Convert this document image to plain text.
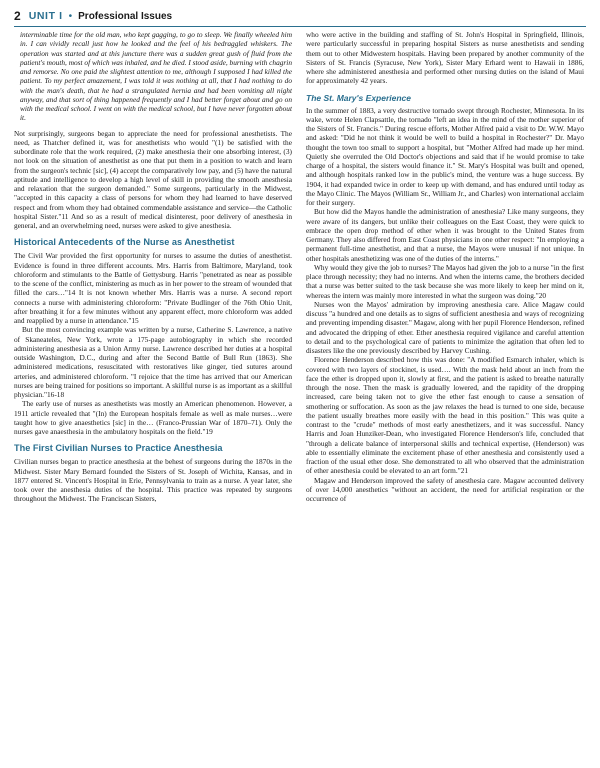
2 UNIT I • Professional Issues
interminable time for the old man, who kept gagging, to go to sleep. We finally wheeled him in. I can vividly recall just how he looked and the feel of his bedraggled whiskers. The operation was started and at this juncture there was a sudden great gush of fluid from the patient's mouth, most of which was inhaled, and he died. I stood aside, burning with chagrin and remorse. No one paid the slightest attention to me, although I supposed I had killed the patient. To my perfect amazement, I was told it was nothing at all, that I had nothing to do with the man's death, that he had a strangulated hernia and had been vomiting all night anyway, and that sort of thing happened frequently and I had better forget about and go on with the medical school. I went on with the medical school, but I have never forgotten about it.

Not surprisingly, surgeons began to appreciate the need for professional anesthetists. The need, as Thatcher defined it, was for anesthetists who would "(1) be satisfied with the subordinate role that the work required, (2) make anesthesia their one absorbing interest, (3) not look on the situation of anesthetist as one that put them in a position to watch and learn from the surgeon's technic [sic], (4) accept the comparatively low pay, and (5) have the natural aptitude and intelligence to develop a high level of skill in providing the smooth anesthesia and relaxation that the surgeon demanded." Some surgeons, particularly in the Midwest, "accepted in this capacity a class of persons for whom they had learned to have deserved respect and from whom they had obtained commendable assistance and service—the Catholic hospital Sister."11 And so as a result of medical disinterest, poor delivery of anesthesia in general, and an overwhelming need, nurses were asked to give anesthesia.

Historical Antecedents of the Nurse as Anesthetist

The Civil War provided the first opportunity for nurses to assume the duties of anesthetist. Evidence is found in three different accounts. Mrs. Harris from Baltimore, Maryland, took chloroform and stimulants to the Battle of Gettysburg. Harris "penetrated as near as possible to the scene of the conflict, ministering as much as in her power to the stream of wounded that filled the cars…"14 It is not known whether Mrs. Harris was a nurse. A second report connects a nurse with administering chloroform: "Private Budlinger of the 76th Ohio Unit, after breathing it for a few minutes without any apparent effect, more chloroform was added and reapplied by a nurse in attendance."15

But the most convincing example was written by a nurse, Catherine S. Lawrence, a native of Skaneateles, New York, wrote a 175-page autobiography in which she recorded administering anesthesia as a Union Army nurse. Lawrence described her duties at a hospital outside Washington, D.C., during and after the Second Battle of Bull Run (1863). She administered medications, resuscitated with restoratives like ginger, tied sutures around arteries, and administered chloroform. "I rejoice that the time has arrived that our American nurses are being trained for positions so important. A skillful nurse is as important as a skillful physician."16-18

The early use of nurses as anesthetists was mostly an American phenomenon. However, a 1911 article revealed that "(In) the European hospitals female as well as male nurses…were taught how to give anaesthetics [sic] in the… (Franco-Prussian War of 1870–71). Only the nurses gave anaesthesia in the ambulatory hospitals on the field."19

The First Civilian Nurses to Practice Anesthesia

Civilian nurses began to practice anesthesia at the behest of surgeons during the 1870s in the Midwest. Sister Mary Bernard founded the Sisters of St. Joseph of Wichita, Kansas, and in 1877 entered St. Vincent's Hospital in Erie, Pennsylvania to train as a nurse. A year later, she took over the anesthesia duties of the hospital. This practice was repeated by surgeons throughout the Midwest. The Franciscan Sisters,

who were active in the building and staffing of St. John's Hospital in Springfield, Illinois, were particularly successful in preparing hospital Sisters as nurse anesthetists and sending them out to other Midwestern hospitals. Having been prepared by another community of the Sisters of St. Francis (Syracuse, New York), Sister Mary Erhard went to Hawaii in 1886, where she administered anesthesia and performed other nursing duties on the island of Maui for approximately 42 years.

The St. Mary's Experience

In the summer of 1883, a very destructive tornado swept through Rochester, Minnesota. In its wake, wrote Helen Clapsattle, the tornado "left an idea in the mind of the mother superior of the Sisters of St. Francis." During rescue efforts, Mother Alfred paid a visit to Dr. W.W. Mayo and asked: "Did he not think it would be well to build a hospital in Rochester?" Dr. Mayo thought the town too small to support a hospital, but "Mother Alfred had made up her mind. Quietly she overruled the Old Doctor's objections and said that if he would promise to take charge of a hospital, the sisters would finance it." St. Mary's Hospital was built and opened, and although hospitals ranked low in the public's mind, the venture was a huge success. By 1904, it had expanded twice in order to keep up with demand, and has endured until today as the Mayo Clinic. The Mayos (William Sr., William Jr., and Charles) won international acclaim for their surgery.

But how did the Mayos handle the administration of anesthesia? Like many surgeons, they were aware of its dangers, but unlike their colleagues on the East Coast, they were quick to embrace the open drop method of ether when it was brought to the United States from Germany. They also differed from East Coast physicians in one other respect: "In employing a permanent full-time anesthetist, and that a nurse, the Mayos were unusual if not unique. In other hospitals anesthetizing was one of the duties of the interns."

Why would they give the job to nurses? The Mayos had given the job to a nurse "in the first place through necessity; they had no interns. And when the interns came, the brothers decided that a nurse was better suited to the task because she was more likely to keep her mind on it, whereas the intern was mainly more interested in what the surgeon was doing."20

Nurses won the Mayos' admiration by improving anesthesia care. Alice Magaw could discuss "a hundred and one details as to signs of sufficient anesthesia and ways of recognizing and preventing impending disaster." Magaw, along with her pupil Florence Henderson, refined and advocated the dripping of ether. Ether anesthesia required vigilance and careful attention to detail and to the psychological care of patients to minimize the agitation that often led to disasters like the one previously described by Harvey Cushing.

Florence Henderson described how this was done: "A modified Esmarch inhaler, which is covered with two layers of stockinet, is used…. With the mask held about an inch from the face the ether is dropped upon it, slowly at first, and the patient is asked to breathe naturally through the nose. Then the mask is gradually lowered, and the rapidity of the dropping increased, care being taken not to give the ether fast enough to cause a sensation of smothering or suffocation. As soon as the jaw relaxes the head is turned to one side, because the patient usually breathes more easily with the head in this position." This was quite a contrast to the "crude" methods of most early anesthetizers, and it was successful. Nancy Harris and Joan Hunziker-Dean, who investigated Florence Henderson's life, concluded that "through a delicate balance of interpersonal skills and technical expertise, (Henderson) was able to essentially eliminate the excitement phase of ether anesthesia and consistently used a fraction of the usual ether dose. She demonstrated to all who observed that the administration of ether anesthesia could be elevated to an art form."21

Magaw and Henderson improved the safety of anesthesia care. Magaw accounted delivery of over 14,000 anesthetics "without an accident, the need for artificial respiration or the occurrence of
